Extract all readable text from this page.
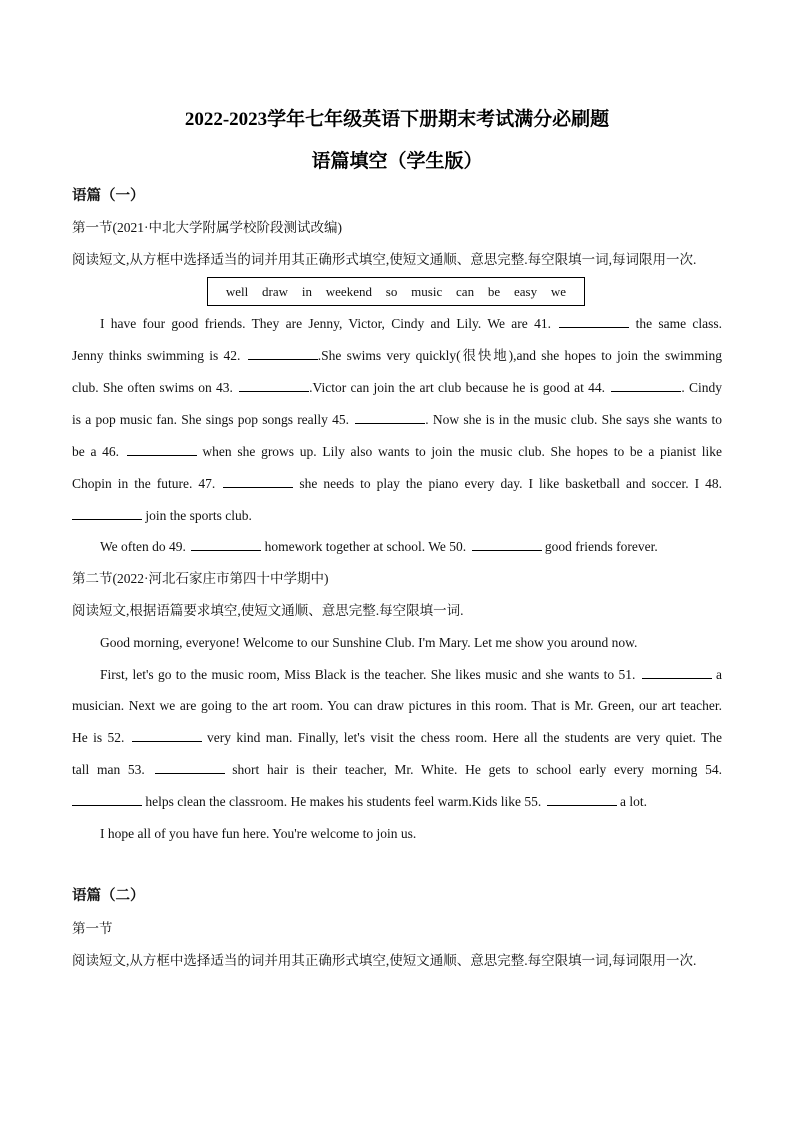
2022-2023学年七年级英语下册期末考试满分必刷题
语篇填空（学生版）
语篇（一）
第一节(2021·中北大学附属学校阶段测试改编)
阅读短文,从方框中选择适当的词并用其正确形式填空,使短文通顺、意思完整.每空限填一词,每词限用一次.
well draw in weekend so music can be easy we
I have four good friends. They are Jenny, Victor, Cindy and Lily. We are 41.	the same class.
Jenny thinks swimming is 42.	.She swims very quickly(很快地),and she hopes to join the swimming
club. She often swims on 43.	.Victor can join the art club because he is good at 44.	. Cindy
is a pop music fan. She sings pop songs really 45.	. Now she is in the music club. She says she wants to
be a 46.	when she grows up. Lily also wants to join the music club. She hopes to be a pianist like
Chopin in the future. 47.	she needs to play the piano every day. I like basketball and soccer. I 48.
join the sports club.
We often do 49.	homework together at school. We 50.	good friends forever.
第二节(2022·河北石家庄市第四十中学期中)
阅读短文,根据语篇要求填空,使短文通顺、意思完整.每空限填一词.
Good morning, everyone! Welcome to our Sunshine Club. I'm Mary. Let me show you around now.
First, let's go to the music room, Miss Black is the teacher. She likes music and she wants to 51.	a
musician. Next we are going to the art room. You can draw pictures in this room. That is Mr. Green, our art teacher.
He is 52.	very kind man. Finally, let's visit the chess room. Here all the students are very quiet. The
tall man 53.	short hair is their teacher, Mr. White. He gets to school early every morning 54.
helps clean the classroom. He makes his students feel warm.Kids like 55.	a lot.
I hope all of you have fun here. You're welcome to join us.
语篇（二）
第一节
阅读短文,从方框中选择适当的词并用其正确形式填空,使短文通顺、意思完整.每空限填一词,每词限用一次.
